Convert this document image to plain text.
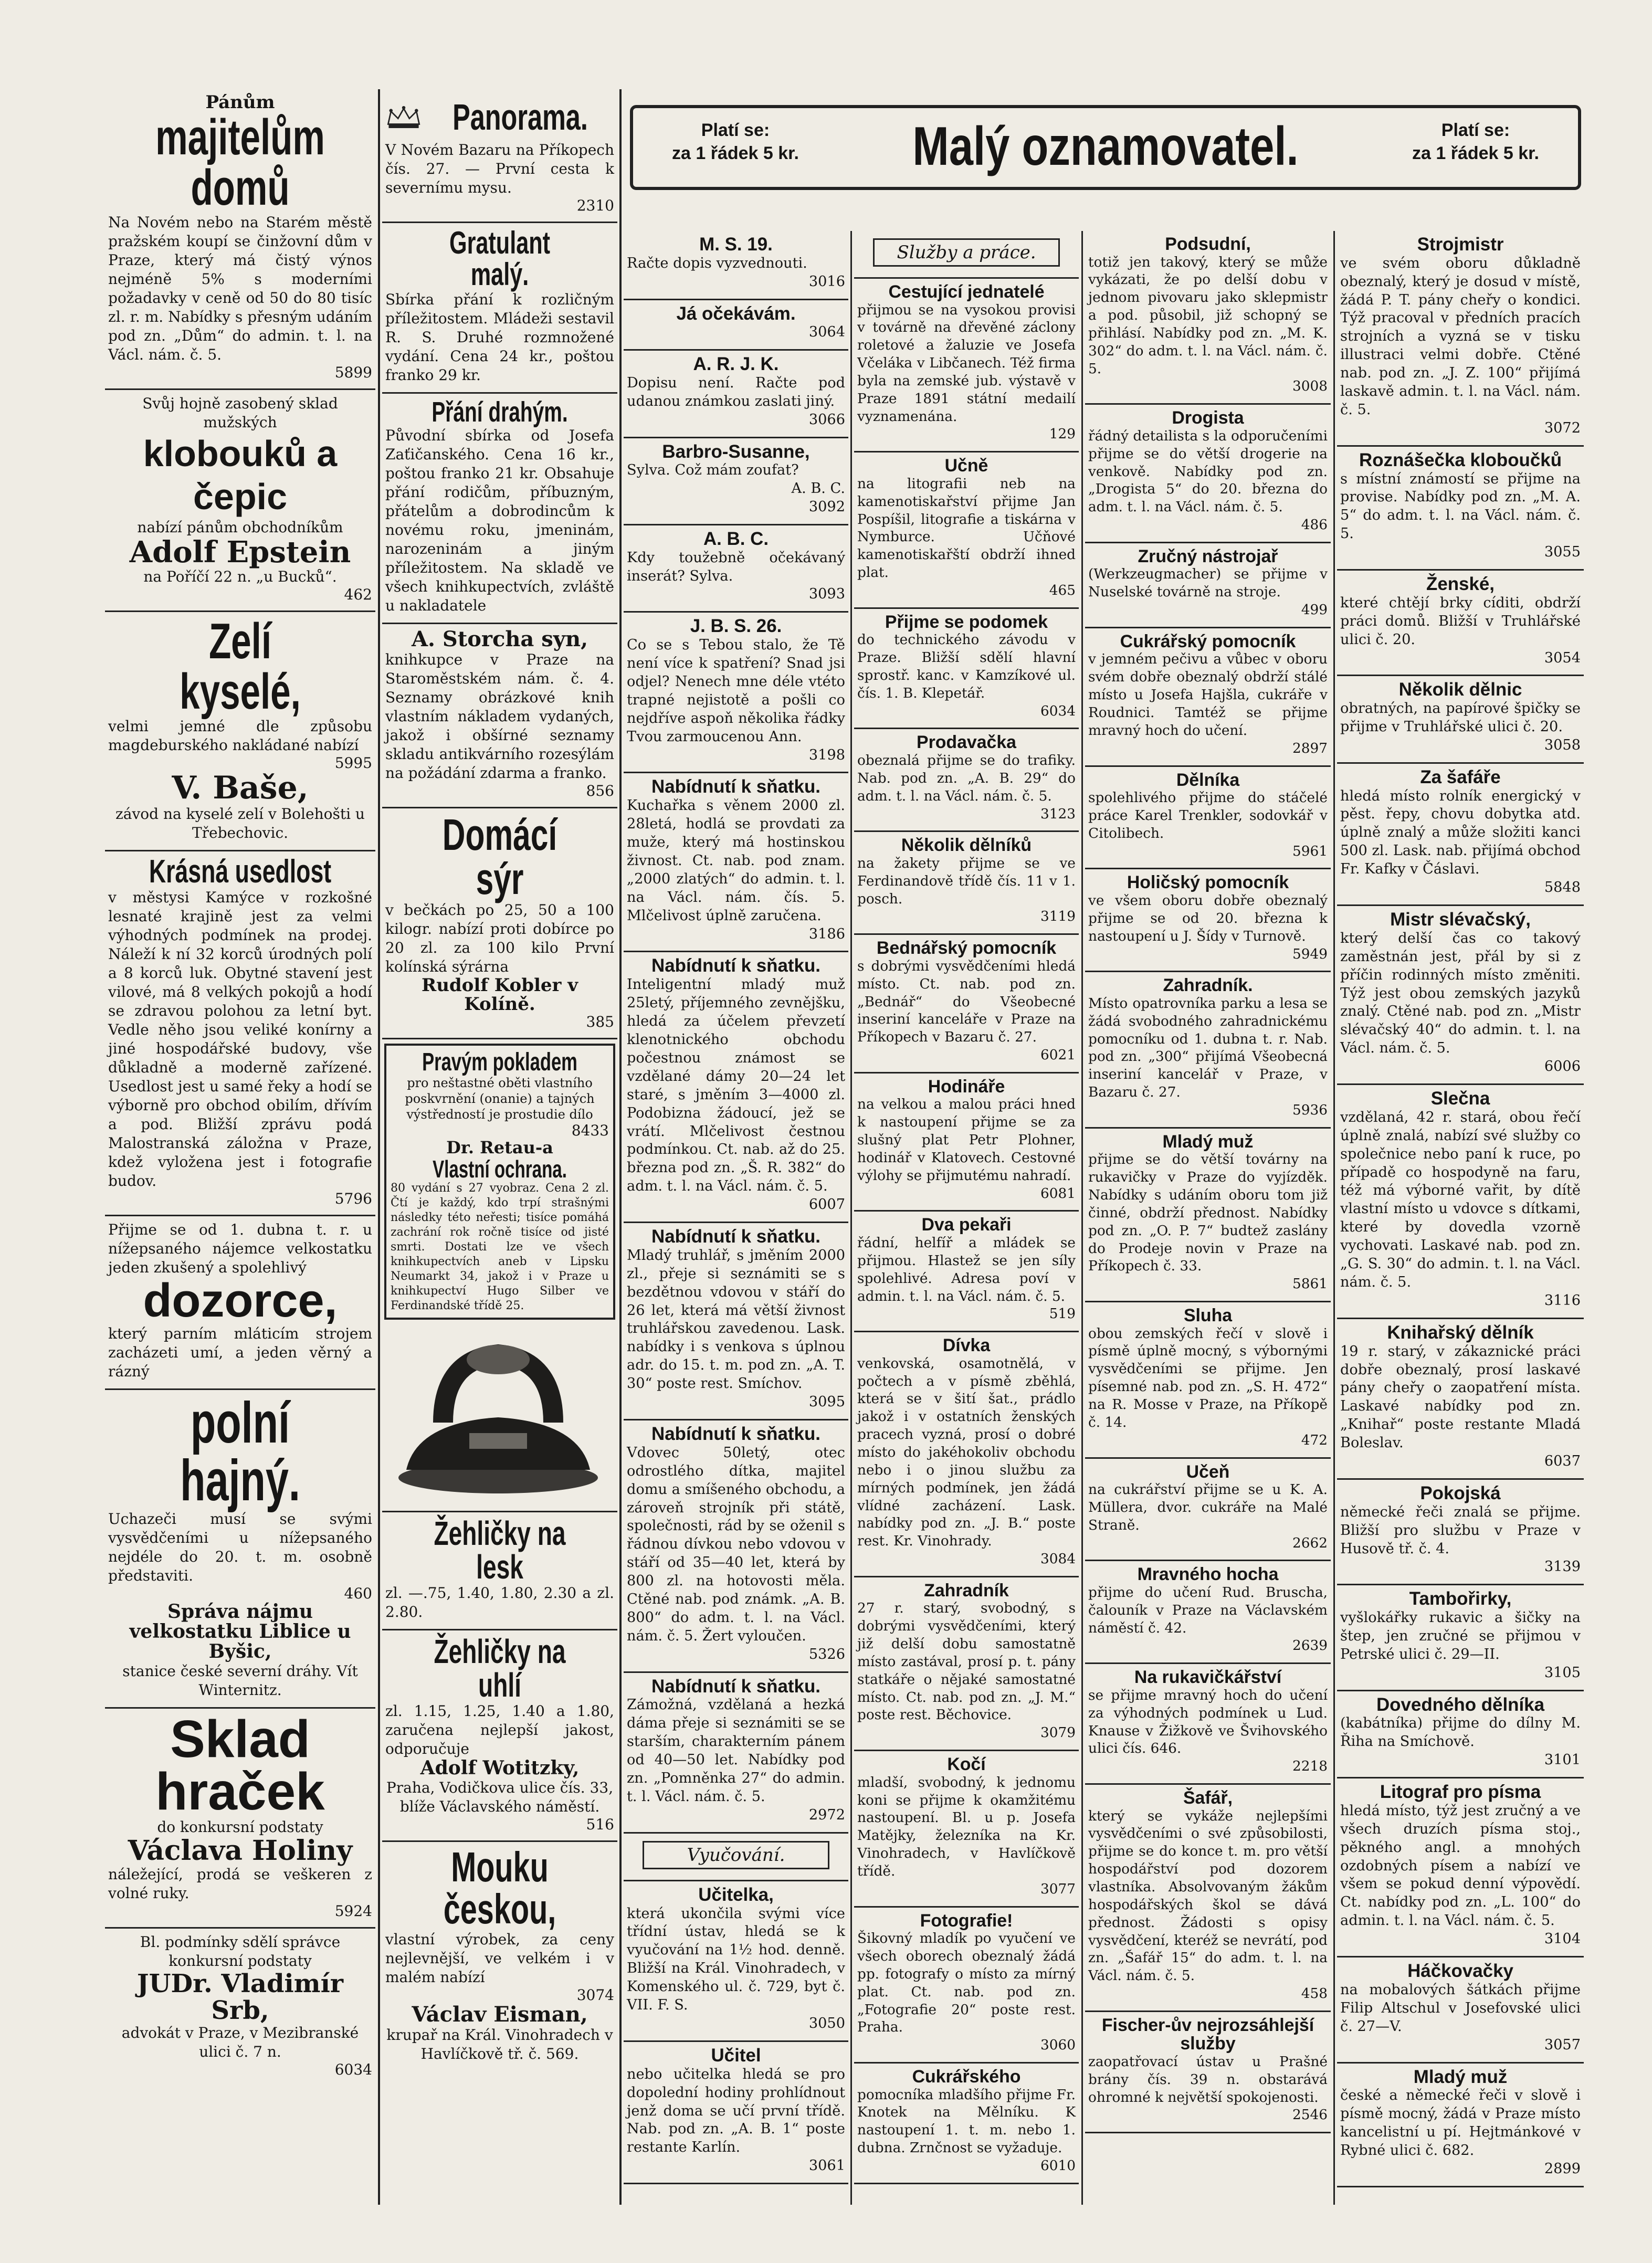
Platí se:
za 1 řádek 5 kr.	Malý oznamovatel.	Platí se:
za 1 řádek 5 kr.
Pánům
majitelům domů
Na Novém nebo na Starém městě pražském koupí se činžovní dům v Praze, který má čistý výnos nejméně 5% s moderními požadavky v ceně od 50 do 80 tisíc zl. r. m. Nabídky s přesným udáním pod zn. „Dům“ do admin. t. l. na Václ. nám. č. 5.
5899
Svůj hojně zasobený sklad mužských
klobouků a čepic
nabízí pánům obchodníkům
Adolf Epstein
na Poříčí 22 n. „u Bucků“.
462
Zelí kyselé,
velmi jemné dle způsobu magdeburského nakládané nabízí
5995
V. Baše,
závod na kyselé zelí v Bolehošti u Třebechovic.
Krásná usedlost
v městysi Kamýce v rozkošné lesnaté krajině jest za velmi výhodných podmínek na prodej. Náleží k ní 32 korců úrodných polí a 8 korců luk. Obytné stavení jest vilové, má 8 velkých pokojů a hodí se zdravou polohou za letní byt. Vedle něho jsou veliké konírny a jiné hospodářské budovy, vše důkladně a moderně zařízené. Usedlost jest u samé řeky a hodí se výborně pro obchod obilím, dřívím a pod. Bližší zprávu podá Malostranská záložna v Praze, kdež vyložena jest i fotografie budov.
5796
Přijme se od 1. dubna t. r. u nížepsaného nájemce velkostatku jeden zkušený a spolehlivý
dozorce,
který parním mláticím strojem zacházeti umí, a jeden věrný a rázný
polní hajný.
Uchazeči musí se svými vysvědčeními u nížepsaného nejdéle do 20. t. m. osobně představiti.
460
Správa nájmu velkostatku Liblice u Byšic,
stanice české severní dráhy. Vít Winternitz.
Sklad hraček
do konkursní podstaty
Václava Holiny
náležející, prodá se veškeren z volné ruky.
5924
Bl. podmínky sdělí správce konkursní podstaty
JUDr. Vladimír Srb,
advokát v Praze, v Mezibranské ulici č. 7 n.
6034
Panorama.
V Novém Bazaru na Příkopech čís. 27. — První cesta k severnímu mysu.
2310
Gratulant malý.
Sbírka přání k rozličným příležitostem. Mládeži sestavil R. S. Druhé rozmnožené vydání. Cena 24 kr., poštou franko 29 kr.
Přání drahým.
Původní sbírka od Josefa Zaťičanského. Cena 16 kr., poštou franko 21 kr. Obsahuje přání rodičům, příbuzným, přátelům a dobrodincům k novému roku, jmeninám, narozeninám a jiným příležitostem. Na skladě ve všech knihkupectvích, zvláště u nakladatele
A. Storcha syn,
knihkupce v Praze na Staroměstském nám. č. 4. Seznamy obrázkové knih vlastním nákladem vydaných, jakož i obšírné seznamy skladu antikvárního rozesýlám na požádání zdarma a franko.
856
Domácí sýr
v bečkách po 25, 50 a 100 kilogr. nabízí proti dobírce po 20 zl. za 100 kilo První kolínská sýrárna
Rudolf Kobler v Kolíně.
385
Pravým pokladem
pro neštastné oběti vlastního poskvrnění (onanie) a tajných výstředností je prostudie dílo
8433
Dr. Retau-a
Vlastní ochrana.
80 vydání s 27 vyobraz. Cena 2 zl. Čtí je každý, kdo trpí strašnými následky této neřesti; tisíce pomáhá zachrání rok ročně tisíce od jisté smrti. Dostati lze ve všech knihkupectvích aneb v Lipsku Neumarkt 34, jakož i v Praze u knihkupectví Hugo Silber ve Ferdinandské třídě 25.
Žehličky na lesk
zl. —.75, 1.40, 1.80, 2.30 a zl. 2.80.
Žehličky na uhlí
zl. 1.15, 1.25, 1.40 a 1.80, zaručena nejlepší jakost, odporučuje
Adolf Wotitzky,
Praha, Vodičkova ulice čís. 33, blíže Václavského náměstí.
516
Mouku českou,
vlastní výrobek, za ceny nejlevnější, ve velkém i v malém nabízí
3074
Václav Eisman,
krupař na Král. Vinohradech v Havlíčkově tř. č. 569.
M. S. 19.
Račte dopis vyzvednouti.
3016
Já očekávám.
3064
A. R. J. K.
Dopisu není. Račte pod udanou známkou zaslati jiný.
3066
Barbro-Susanne,
Sylva. Což mám zoufat?
A. B. C.
3092
A. B. C.
Kdy toužebně očekávaný inserát? Sylva.
3093
J. B. S. 26.
Co se s Tebou stalo, že Tě není více k spatření? Snad jsi odjel? Nenech mne déle vtéto trapné nejistotě a pošli co nejdříve aspoň několika řádky Tvou zarmoucenou Ann.
3198
Nabídnutí k sňatku.
Kuchařka s věnem 2000 zl. 28letá, hodlá se provdati za muže, který má hostinskou živnost. Ct. nab. pod znam. „2000 zlatých“ do admin. t. l. na Václ. nám. čís. 5. Mlčelivost úplně zaručena.
3186
Nabídnutí k sňatku.
Inteligentní mladý muž 25letý, příjemného zevnějšku, hledá za účelem převzetí klenotnického obchodu počestnou známost se vzdělané dámy 20—24 let staré, s jměním 3—4000 zl. Podobizna žádoucí, jež se vrátí. Mlčelivost čestnou podmínkou. Ct. nab. až do 25. března pod zn. „Š. R. 382“ do adm. t. l. na Václ. nám. č. 5.
6007
Nabídnutí k sňatku.
Mladý truhlář, s jměním 2000 zl., přeje si seznámiti se s bezdětnou vdovou v stáří do 26 let, která má větší živnost truhlářskou zavedenou. Lask. nabídky i s venkova s úplnou adr. do 15. t. m. pod zn. „A. T. 30“ poste rest. Smíchov.
3095
Nabídnutí k sňatku.
Vdovec 50letý, otec odrostlého dítka, majitel domu a smíšeného obchodu, a zároveň strojník při státě, společnosti, rád by se oženil s řádnou dívkou nebo vdovou v stáří od 35—40 let, která by 800 zl. na hotovosti měla. Ctěné nab. pod známk. „A. B. 800“ do adm. t. l. na Václ. nám. č. 5. Žert vyloučen.
5326
Nabídnutí k sňatku.
Zámožná, vzdělaná a hezká dáma přeje si seznámiti se se starším, charakterním pánem od 40—50 let. Nabídky pod zn. „Pomněnka 27“ do admin. t. l. Václ. nám. č. 5.
2972
Vyučování.
Učitelka,
která ukončila svými více třídní ústav, hledá se k vyučování na 1½ hod. denně. Bližší na Král. Vinohradech, v Komenského ul. č. 729, byt č. VII. F. S.
3050
Učitel
nebo učitelka hledá se pro dopolední hodiny prohlídnout jenž doma se učí první třídě. Nab. pod zn. „A. B. 1“ poste restante Karlín.
3061
Služby a práce.
Cestující jednatelé
přijmou se na vysokou provisi v továrně na dřevěné záclony roletové a žaluzie ve Josefa Včeláka v Libčanech. Též firma byla na zemské jub. výstavě v Praze 1891 státní medailí vyznamenána.
129
Učně
na litografii neb na kamenotiskařství přijme Jan Pospíšil, litografie a tiskárna v Nymburce. Učňové kamenotiskařští obdrží ihned plat.
465
Přijme se podomek
do technického závodu v Praze. Bližší sdělí hlavní sprostř. kanc. v Kamzíkové ul. čís. 1. B. Klepetář.
6034
Prodavačka
obeznalá přijme se do trafiky. Nab. pod zn. „A. B. 29“ do adm. t. l. na Václ. nám. č. 5.
3123
Několik dělníků
na žakety přijme se ve Ferdinandově třídě čís. 11 v 1. posch.
3119
Bednářský pomocník
s dobrými vysvědčeními hledá místo. Ct. nab. pod zn. „Bednář“ do Všeobecné inseriní kanceláře v Praze na Příkopech v Bazaru č. 27.
6021
Hodináře
na velkou a malou práci hned k nastoupení přijme se za slušný plat Petr Plohner, hodinář v Klatovech. Cestovné výlohy se přijmutému nahradí.
6081
Dva pekaři
řádní, helfíř a mládek se přijmou. Hlastež se jen síly spolehlivé. Adresa poví v admin. t. l. na Václ. nám. č. 5.
519
Dívka
venkovská, osamotnělá, v počtech a v písmě zběhlá, která se v šití šat., prádlo jakož i v ostatních ženských pracech vyzná, prosí o dobré místo do jakéhokoliv obchodu nebo i o jinou službu za mírných podmínek, jen žádá vlídné zacházení. Lask. nabídky pod zn. „J. B.“ poste rest. Kr. Vinohrady.
3084
Zahradník
27 r. starý, svobodný, s dobrými vysvědčeními, který již delší dobu samostatně místo zastával, prosí p. t. pány statkáře o nějaké samostatné místo. Ct. nab. pod zn. „J. M.“ poste rest. Běchovice.
3079
Kočí
mladší, svobodný, k jednomu koni se přijme k okamžitému nastoupení. Bl. u p. Josefa Matějky, železníka na Kr. Vinohradech, v Havlíčkově třídě.
3077
Fotografie!
Šikovný mladík po vyučení ve všech oborech obeznalý žádá pp. fotografy o místo za mírný plat. Ct. nab. pod zn. „Fotografie 20“ poste rest. Praha.
3060
Cukrářského
pomocníka mladšího přijme Fr. Knotek na Mělníku. K nastoupení 1. t. m. nebo 1. dubna. Zrnčnost se vyžaduje.
6010
Podsudní,
totiž jen takový, který se může vykázati, že po delší dobu v jednom pivovaru jako sklepmistr a pod. působil, již schopný se přihlásí. Nabídky pod zn. „M. K. 302“ do adm. t. l. na Václ. nám. č. 5.
3008
Drogista
řádný detailista s la odporučeními přijme se do větší drogerie na venkově. Nabídky pod zn. „Drogista 5“ do 20. března do adm. t. l. na Václ. nám. č. 5.
486
Zručný nástrojař
(Werkzeugmacher) se přijme v Nuselské továrně na stroje.
499
Cukrářský pomocník
v jemném pečivu a vůbec v oboru svém dobře obeznalý obdrží stálé místo u Josefa Hajšla, cukráře v Roudnici. Tamtéž se přijme mravný hoch do učení.
2897
Dělníka
spolehlivého přijme do stáčelé práce Karel Trenkler, sodovkář v Citolibech.
5961
Holičský pomocník
ve všem oboru dobře obeznalý přijme se od 20. března k nastoupení u J. Šídy v Turnově.
5949
Zahradník.
Místo opatrovníka parku a lesa se žádá svobodného zahradnickému pomocníku od 1. dubna t. r. Nab. pod zn. „300“ přijímá Všeobecná inseriní kancelář v Praze, v Bazaru č. 27.
5936
Mladý muž
přijme se do větší továrny na rukavičky v Praze do vyjízděk. Nabídky s udáním oboru tom již činné, obdrží přednost. Nabídky pod zn. „O. P. 7“ budtež zaslány do Prodeje novin v Praze na Příkopech č. 33.
5861
Sluha
obou zemských řečí v slově i písmě úplně mocný, s výbornými vysvědčeními se přijme. Jen písemné nab. pod zn. „S. H. 472“ na R. Mosse v Praze, na Příkopě č. 14.
472
Učeň
na cukrářství přijme se u K. A. Müllera, dvor. cukráře na Malé Straně.
2662
Mravného hocha
přijme do učení Rud. Bruscha, čalouník v Praze na Václavském náměstí č. 42.
2639
Na rukavičkářství
se přijme mravný hoch do učení za výhodných podmínek u Lud. Knause v Žižkově ve Švihovského ulici čís. 646.
2218
Šafář,
který se vykáže nejlepšími vysvědčeními o své způsobilosti, přijme se do konce t. m. pro větší hospodářství pod dozorem vlastníka. Absolvovaným žákům hospodářských škol se dává přednost. Žádosti s opisy vysvědčení, kteréž se nevrátí, pod zn. „Šafář 15“ do adm. t. l. na Václ. nám. č. 5.
458
Fischer-ův nejrozsáhlejší služby
zaopatřovací ústav u Prašné brány čís. 39 n. obstarává ohromné k největší spokojenosti.
2546
Strojmistr
ve svém oboru důkladně obeznalý, který je dosud v místě, žádá P. T. pány cheřy o kondici. Týž pracoval v předních pracích strojních a vyzná se v tisku illustraci velmi dobře. Ctěné nab. pod zn. „J. Z. 100“ přijímá laskavě admin. t. l. na Václ. nám. č. 5.
3072
Roznášečka kloboučků
s místní známostí se přijme na provise. Nabídky pod zn. „M. A. 5“ do adm. t. l. na Václ. nám. č. 5.
3055
Ženské,
které chtějí brky cíditi, obdrží práci domů. Bližší v Truhlářské ulici č. 20.
3054
Několik dělnic
obratných, na papírové špičky se přijme v Truhlářské ulici č. 20.
3058
Za šafáře
hledá místo rolník energický v pěst. řepy, chovu dobytka atd. úplně znalý a může složiti kanci 500 zl. Lask. nab. přijímá obchod Fr. Kafky v Čáslavi.
5848
Mistr slévačský,
který delší čas co takový zaměstnán jest, přál by si z příčin rodinných místo změniti. Týž jest obou zemských jazyků znalý. Ctěné nab. pod zn. „Mistr slévačský 40“ do admin. t. l. na Václ. nám. č. 5.
6006
Slečna
vzdělaná, 42 r. stará, obou řečí úplně znalá, nabízí své služby co společnice nebo paní k ruce, po případě co hospodyně na faru, též má výborné vařit, by dítě vlastní místo u vdovce s dítkami, které by dovedla vzorně vychovati. Laskavé nab. pod zn. „G. S. 30“ do admin. t. l. na Václ. nám. č. 5.
3116
Knihařský dělník
19 r. starý, v zákaznické práci dobře obeznalý, prosí laskavé pány cheřy o zaopatření místa. Laskavé nabídky pod zn. „Knihař“ poste restante Mladá Boleslav.
6037
Pokojská
německé řeči znalá se přijme. Bližší pro službu v Praze v Husově tř. č. 4.
3139
Tambořirky,
vyšlokářky rukavic a šičky na štep, jen zručné se přijmou v Petrské ulici č. 29—II.
3105
Dovedného dělníka
(kabátníka) přijme do dílny M. Řiha na Smíchově.
3101
Litograf pro písma
hledá místo, týž jest zručný a ve všech druzích písma stoj., pěkného angl. a mnohých ozdobných písem a nabízí ve všem se pokud denní výpovědí. Ct. nabídky pod zn. „L. 100“ do admin. t. l. na Václ. nám. č. 5.
3104
Háčkovačky
na mobalových šátkách přijme Filip Altschul v Josefovské ulici č. 27—V.
3057
Mladý muž
české a německé řeči v slově i písmě mocný, žádá v Praze místo kancelistní u pí. Hejtmánkové v Rybné ulici č. 682.
2899
